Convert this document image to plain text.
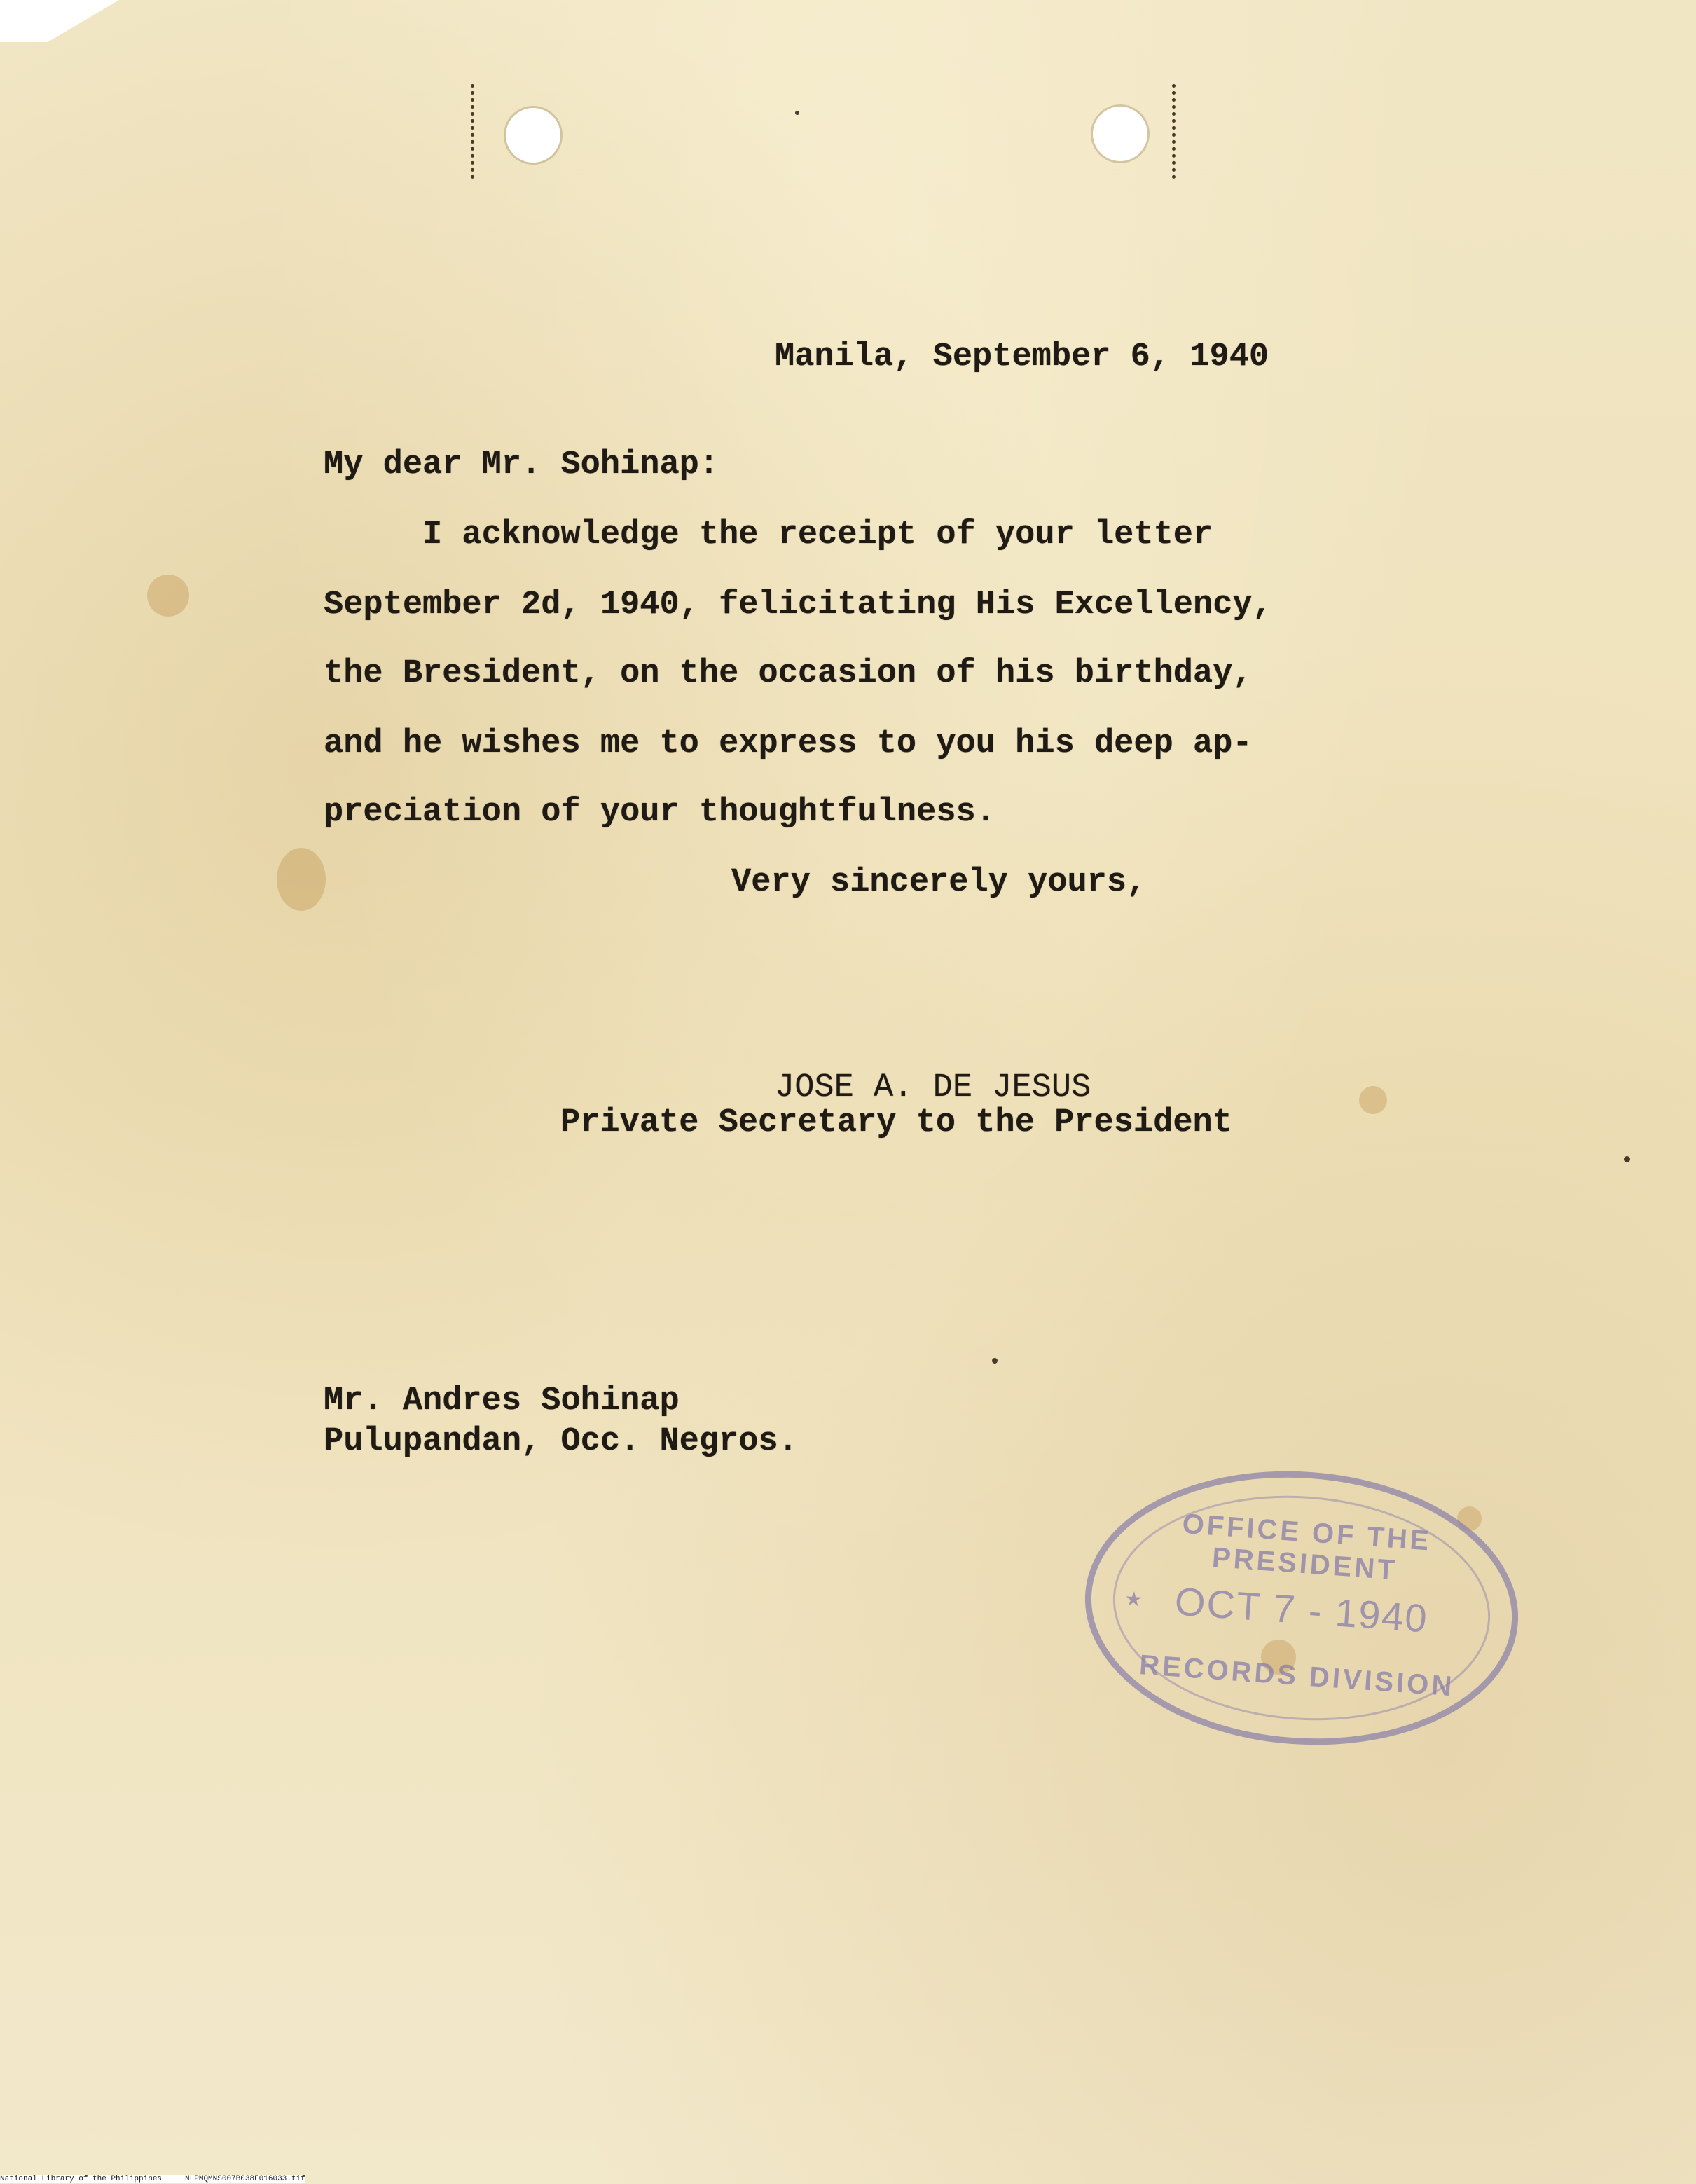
Manila, September 6, 1940

My dear Mr. Sohinap:

I acknowledge the receipt of your letter

September 2d, 1940, felicitating His Excellency,

the Bresident, on the occasion of his birthday,

and he wishes me to express to you his deep ap-

preciation of your thoughtfulness.

Very sincerely yours,

JOSE A. DE JESUS

Private Secretary to the President

Mr. Andres Sohinap

Pulupandan, Occ. Negros.

OFFICE OF THE PRESIDENT
★ OCT 7 - 1940
RECORDS DIVISION
National Library of the Philippines     NLPMQMNS007B038F016033.tif
